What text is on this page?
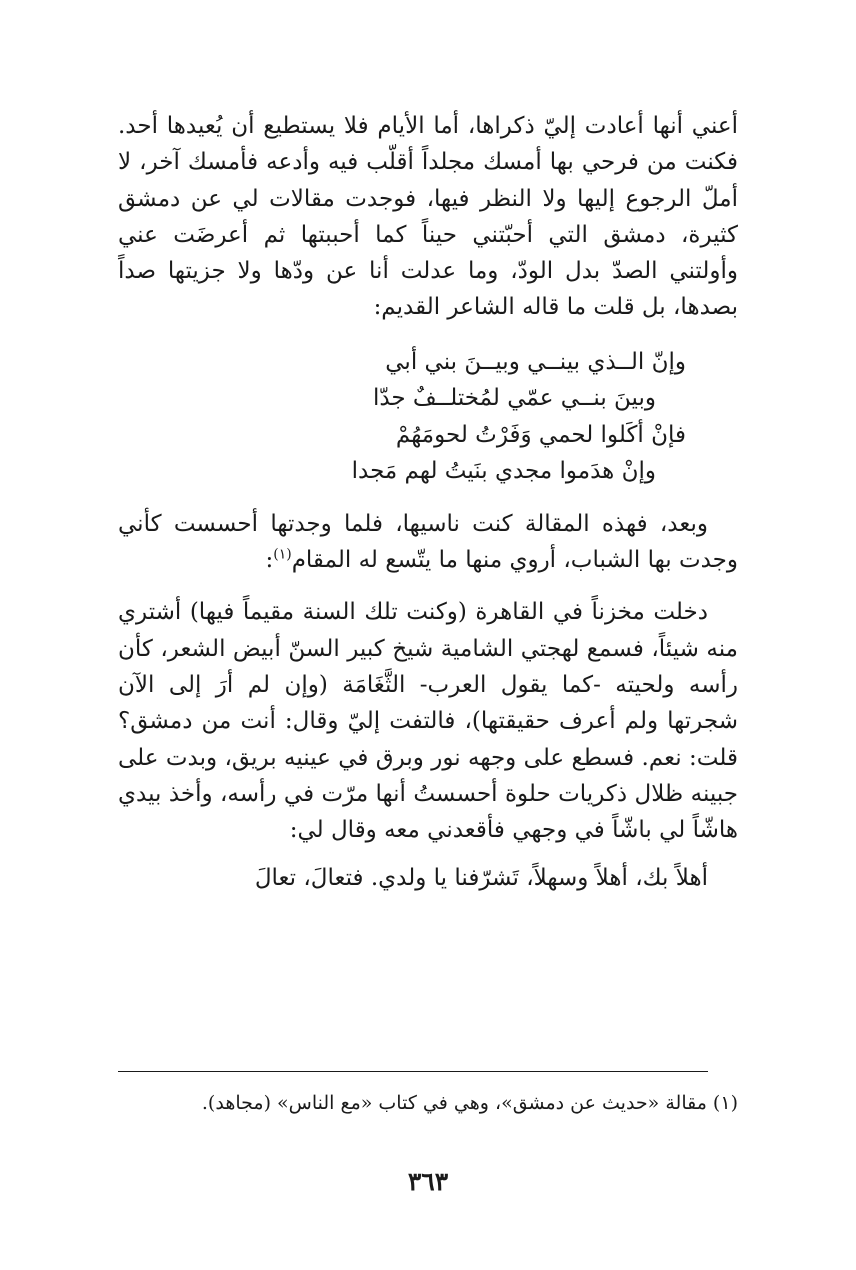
أعني أنها أعادت إليّ ذكراها، أما الأيام فلا يستطيع أن يُعيدها أحد. فكنت من فرحي بها أمسك مجلداً أقلّب فيه وأدعه فأمسك آخر، لا أملّ الرجوع إليها ولا النظر فيها، فوجدت مقالات لي عن دمشق كثيرة، دمشق التي أحبّتني حيناً كما أحببتها ثم أعرضَت عني وأولتني الصدّ بدل الودّ، وما عدلت أنا عن ودّها ولا جزيتها صداً بصدها، بل قلت ما قاله الشاعر القديم:

وإنّ الــذي بينــي وبيــنَ بني أبي
وبينَ بنــي عمّي لمُختلــفٌ جدّا
فإنْ أكَلوا لحمي وَفَرْتُ لحومَهُمْ
وإنْ هدَموا مجدي بنَيتُ لهم مَجدا

وبعد، فهذه المقالة كنت ناسيها، فلما وجدتها أحسست كأني وجدت بها الشباب، أروي منها ما يتّسع له المقام$^{(١)}$:

دخلت مخزناً في القاهرة (وكنت تلك السنة مقيماً فيها) أشتري منه شيئاً، فسمع لهجتي الشامية شيخ كبير السنّ أبيض الشعر، كأن رأسه ولحيته -كما يقول العرب- الثَّغَامَة (وإن لم أرَ إلى الآن شجرتها ولم أعرف حقيقتها)، فالتفت إليّ وقال: أنت من دمشق؟ قلت: نعم. فسطع على وجهه نور وبرق في عينيه بريق، وبدت على جبينه ظلال ذكريات حلوة أحسستُ أنها مرّت في رأسه، وأخذ بيدي هاشّاً لي باشّاً في وجهي فأقعدني معه وقال لي:

أهلاً بك، أهلاً وسهلاً، تَشرّفنا يا ولدي. فتعالَ، تعالَ

(١) مقالة «حديث عن دمشق»، وهي في كتاب «مع الناس» (مجاهد).

٣٦٣
